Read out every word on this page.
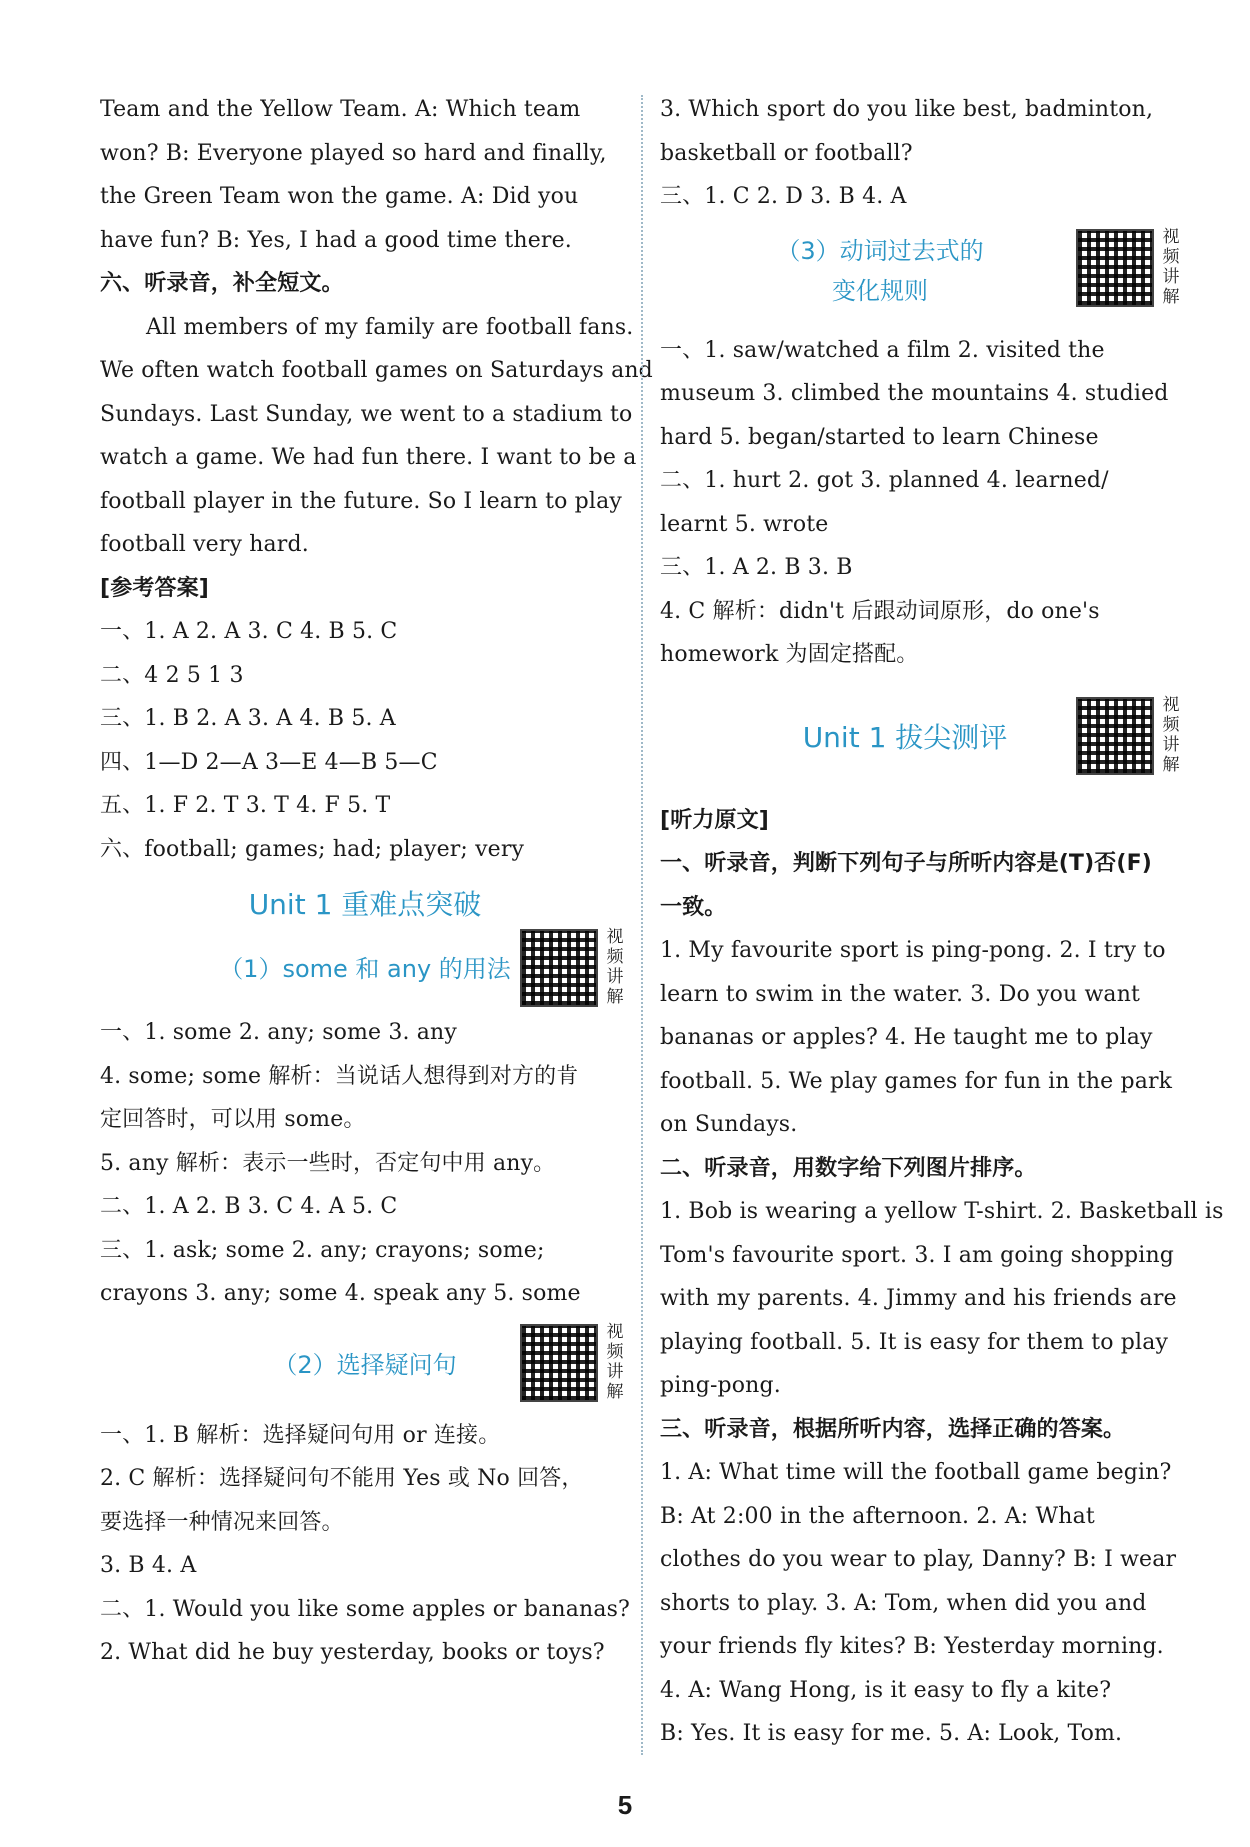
Team and the Yellow Team. A: Which team
won? B: Everyone played so hard and finally,
the Green Team won the game. A: Did you
have fun? B: Yes, I had a good time there.
六、听录音，补全短文。
All members of my family are football fans.
We often watch football games on Saturdays and
Sundays. Last Sunday, we went to a stadium to
watch a game. We had fun there. I want to be a
football player in the future. So I learn to play
football very hard.
[参考答案]
一、1. A 2. A 3. C 4. B 5. C
二、4 2 5 1 3
三、1. B 2. A 3. A 4. B 5. A
四、1—D 2—A 3—E 4—B 5—C
五、1. F 2. T 3. T 4. F 5. T
六、football; games; had; player; very
Unit 1 重难点突破
（1）some 和 any 的用法
视频讲解
一、1. some 2. any; some 3. any
4. some; some 解析：当说话人想得到对方的肯
定回答时，可以用 some。
5. any 解析：表示一些时，否定句中用 any。
二、1. A 2. B 3. C 4. A 5. C
三、1. ask; some 2. any; crayons; some;
crayons 3. any; some 4. speak any 5. some
（2）选择疑问句
视频讲解
一、1. B 解析：选择疑问句用 or 连接。
2. C 解析：选择疑问句不能用 Yes 或 No 回答，
要选择一种情况来回答。
3. B 4. A
二、1. Would you like some apples or bananas?
2. What did he buy yesterday, books or toys?
3. Which sport do you like best, badminton,
basketball or football?
三、1. C 2. D 3. B 4. A
（3）动词过去式的
变化规则
视频讲解
一、1. saw/watched a film 2. visited the
museum 3. climbed the mountains 4. studied
hard 5. began/started to learn Chinese
二、1. hurt 2. got 3. planned 4. learned/
learnt 5. wrote
三、1. A 2. B 3. B
4. C 解析：didn't 后跟动词原形，do one's
homework 为固定搭配。
Unit 1 拔尖测评
视频讲解
[听力原文]
一、听录音，判断下列句子与所听内容是(T)否(F)
一致。
1. My favourite sport is ping-pong. 2. I try to
learn to swim in the water. 3. Do you want
bananas or apples? 4. He taught me to play
football. 5. We play games for fun in the park
on Sundays.
二、听录音，用数字给下列图片排序。
1. Bob is wearing a yellow T-shirt. 2. Basketball is
Tom's favourite sport. 3. I am going shopping
with my parents. 4. Jimmy and his friends are
playing football. 5. It is easy for them to play
ping-pong.
三、听录音，根据所听内容，选择正确的答案。
1. A: What time will the football game begin?
B: At 2:00 in the afternoon. 2. A: What
clothes do you wear to play, Danny? B: I wear
shorts to play. 3. A: Tom, when did you and
your friends fly kites? B: Yesterday morning.
4. A: Wang Hong, is it easy to fly a kite?
B: Yes. It is easy for me. 5. A: Look, Tom.
5
